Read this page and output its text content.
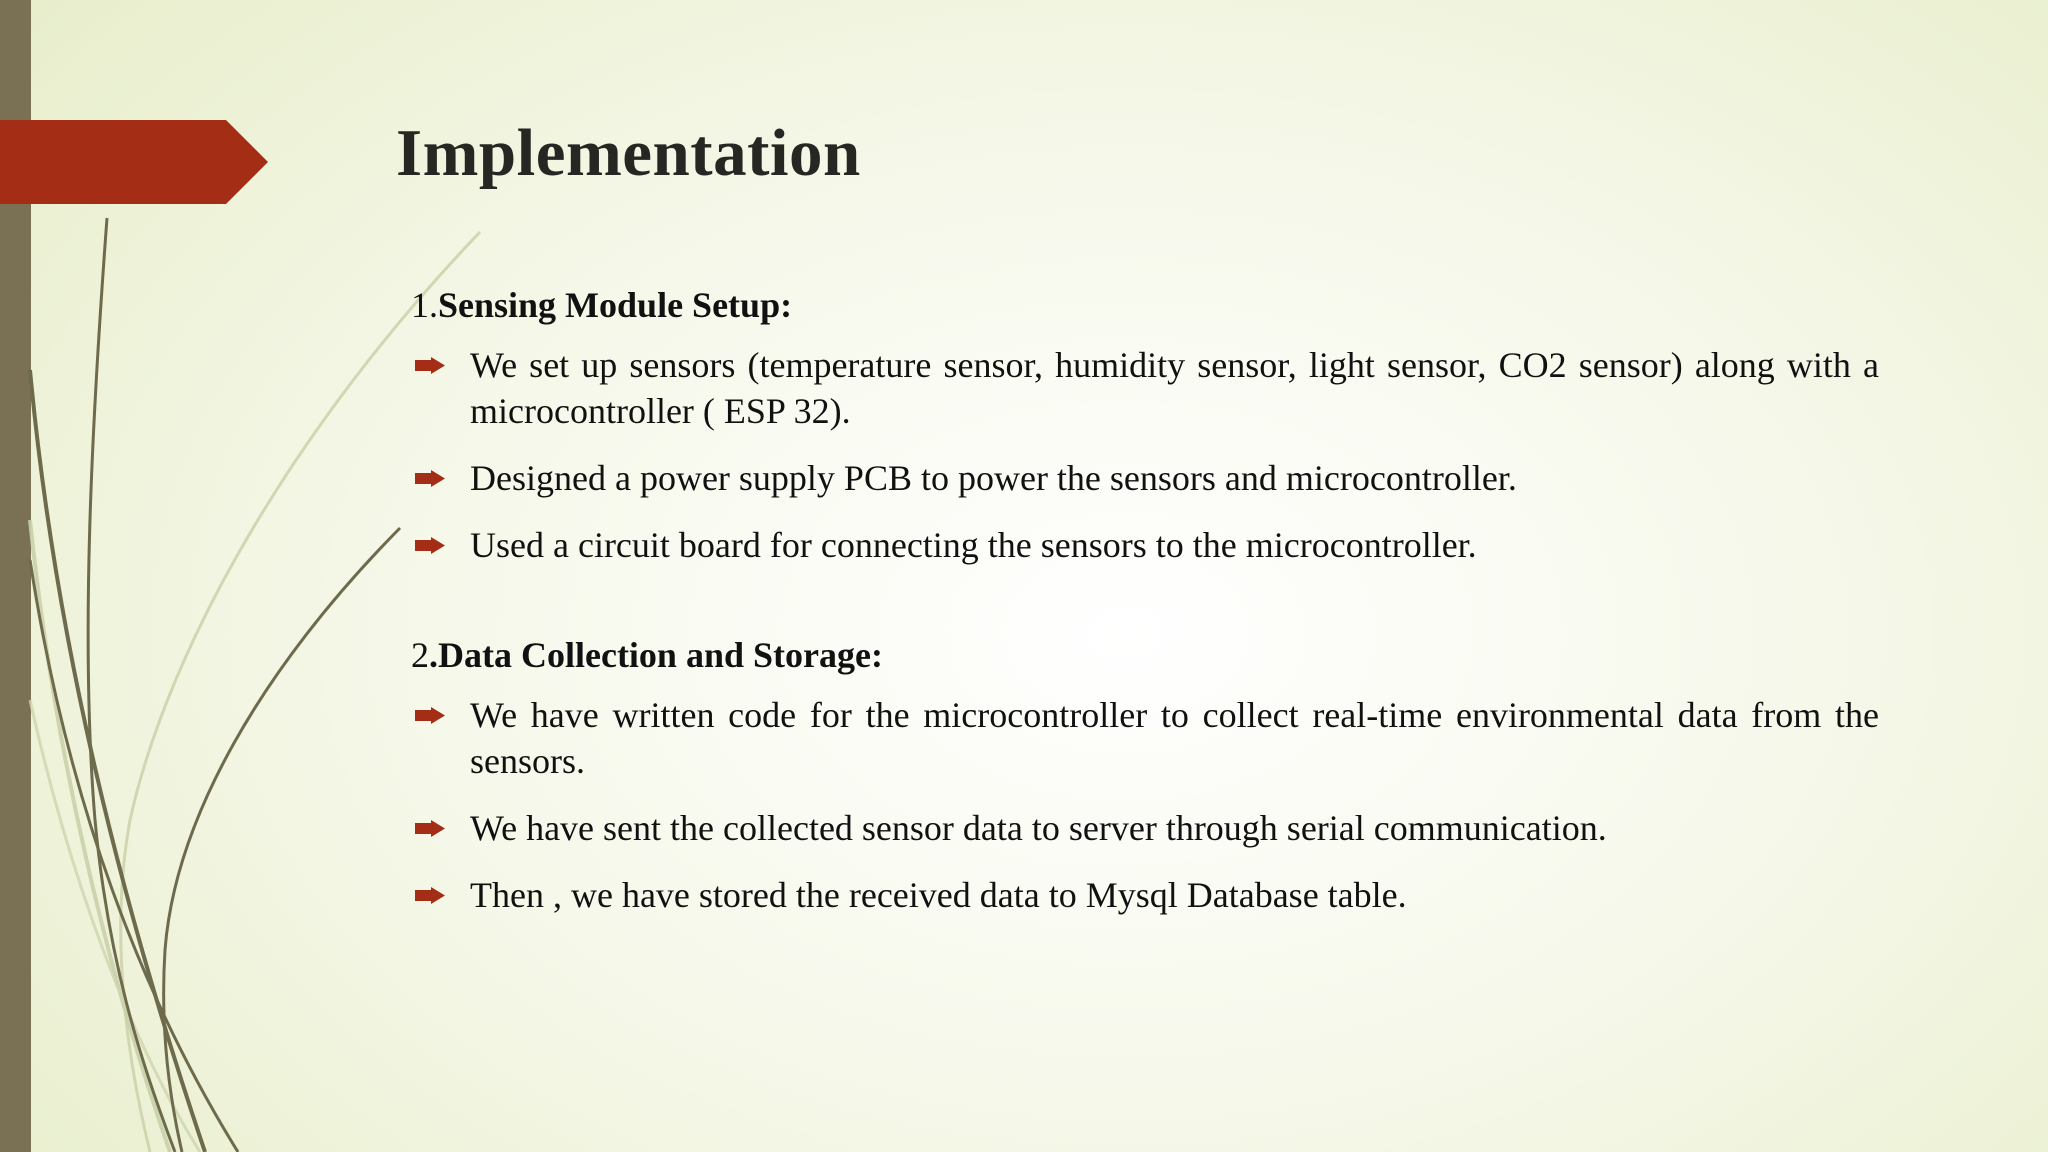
Implementation
1.Sensing Module Setup:
We set up sensors (temperature sensor, humidity sensor, light sensor, CO2 sensor) along with a microcontroller ( ESP 32).
Designed a power supply PCB to power the sensors and microcontroller.
Used a circuit board for connecting the sensors to the microcontroller.
2.Data Collection and Storage:
We have written code for the microcontroller to collect real-time environmental data from the sensors.
We have sent the collected sensor data to server through serial communication.
Then , we have stored the received data to Mysql Database table.
